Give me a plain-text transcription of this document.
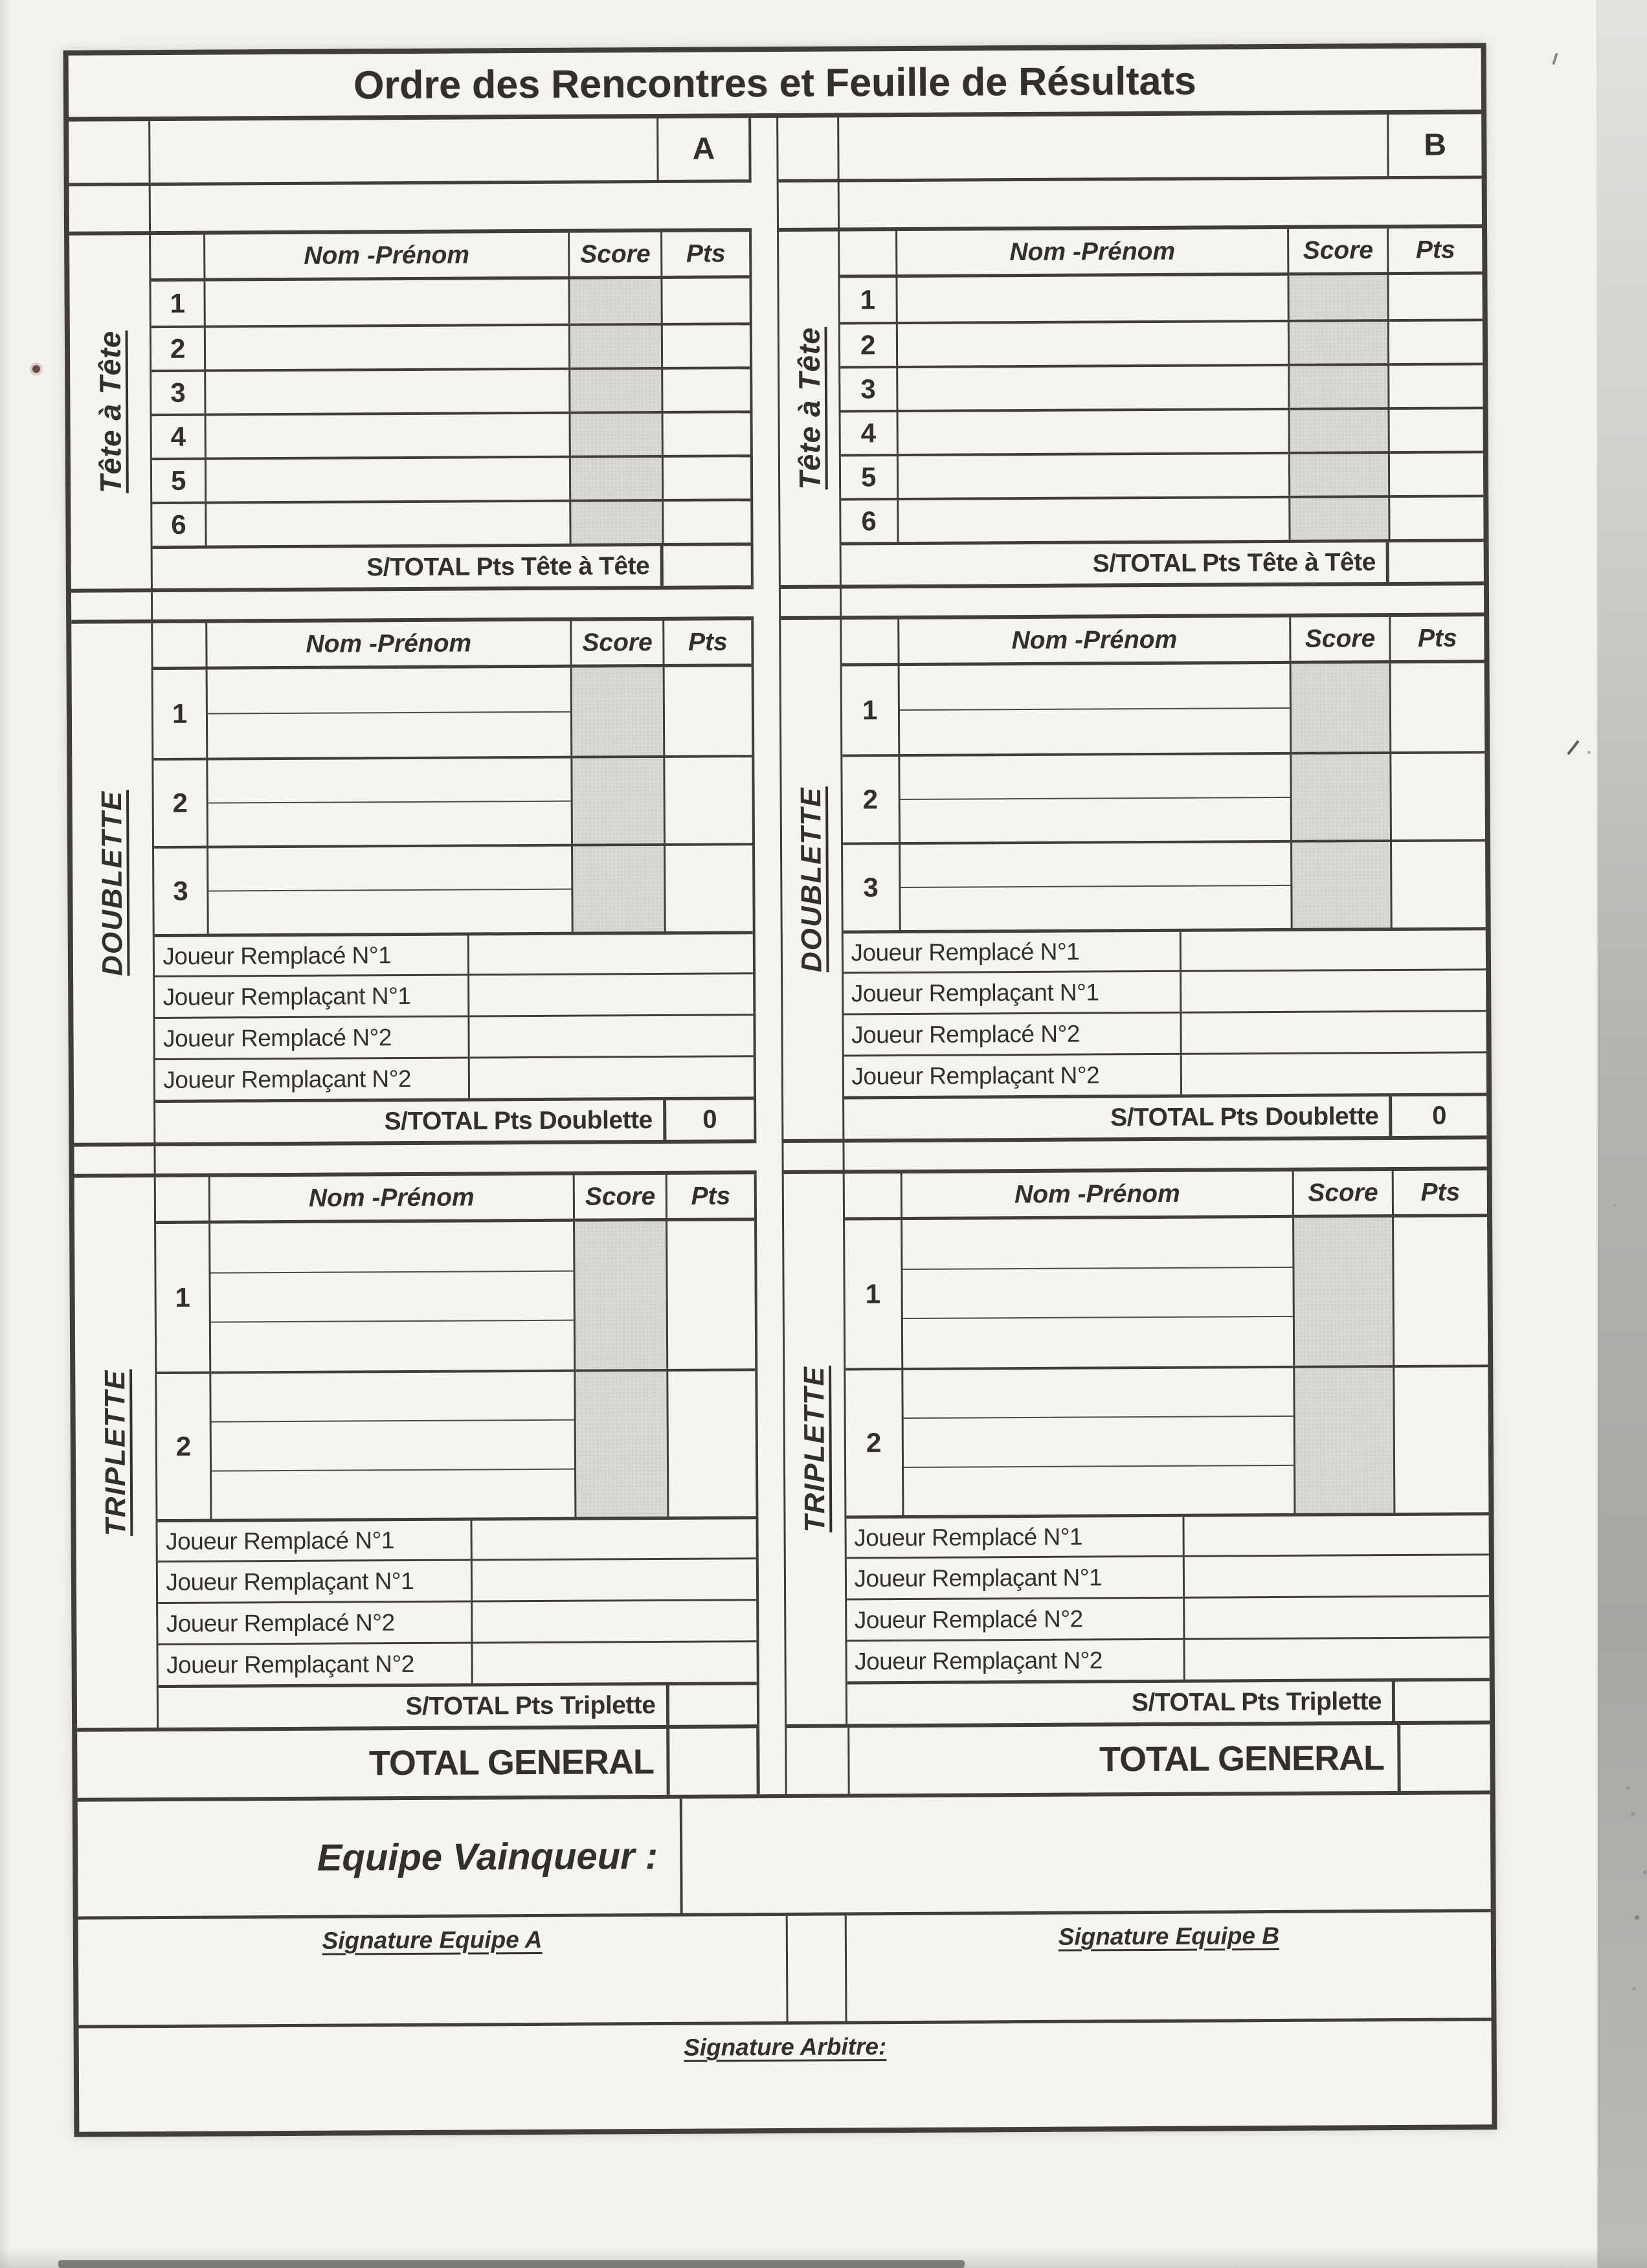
Ordre des Rencontres et Feuille de Résultats
A
Tête à Tête
Nom -Prénom	Score	Pts
1
2
3
4
5
6
S/TOTAL Pts Tête à Tête
DOUBLETTE
Nom -Prénom	Score	Pts
1
2
3
Joueur Remplacé N°1
Joueur Remplaçant N°1
Joueur Remplacé N°2
Joueur Remplaçant N°2
S/TOTAL Pts Doublette	0
TRIPLETTE
Nom -Prénom	Score	Pts
1
2
Joueur Remplacé N°1
Joueur Remplaçant N°1
Joueur Remplacé N°2
Joueur Remplaçant N°2
S/TOTAL Pts Triplette
TOTAL GENERAL
B
Tête à Tête
Nom -Prénom	Score	Pts
1
2
3
4
5
6
S/TOTAL Pts Tête à Tête
DOUBLETTE
Nom -Prénom	Score	Pts
1
2
3
Joueur Remplacé N°1
Joueur Remplaçant N°1
Joueur Remplacé N°2
Joueur Remplaçant N°2
S/TOTAL Pts Doublette	0
TRIPLETTE
Nom -Prénom	Score	Pts
1
2
Joueur Remplacé N°1
Joueur Remplaçant N°1
Joueur Remplacé N°2
Joueur Remplaçant N°2
S/TOTAL Pts Triplette
TOTAL GENERAL
Equipe Vainqueur :
Signature Equipe A	Signature Equipe B
Signature Arbitre:
